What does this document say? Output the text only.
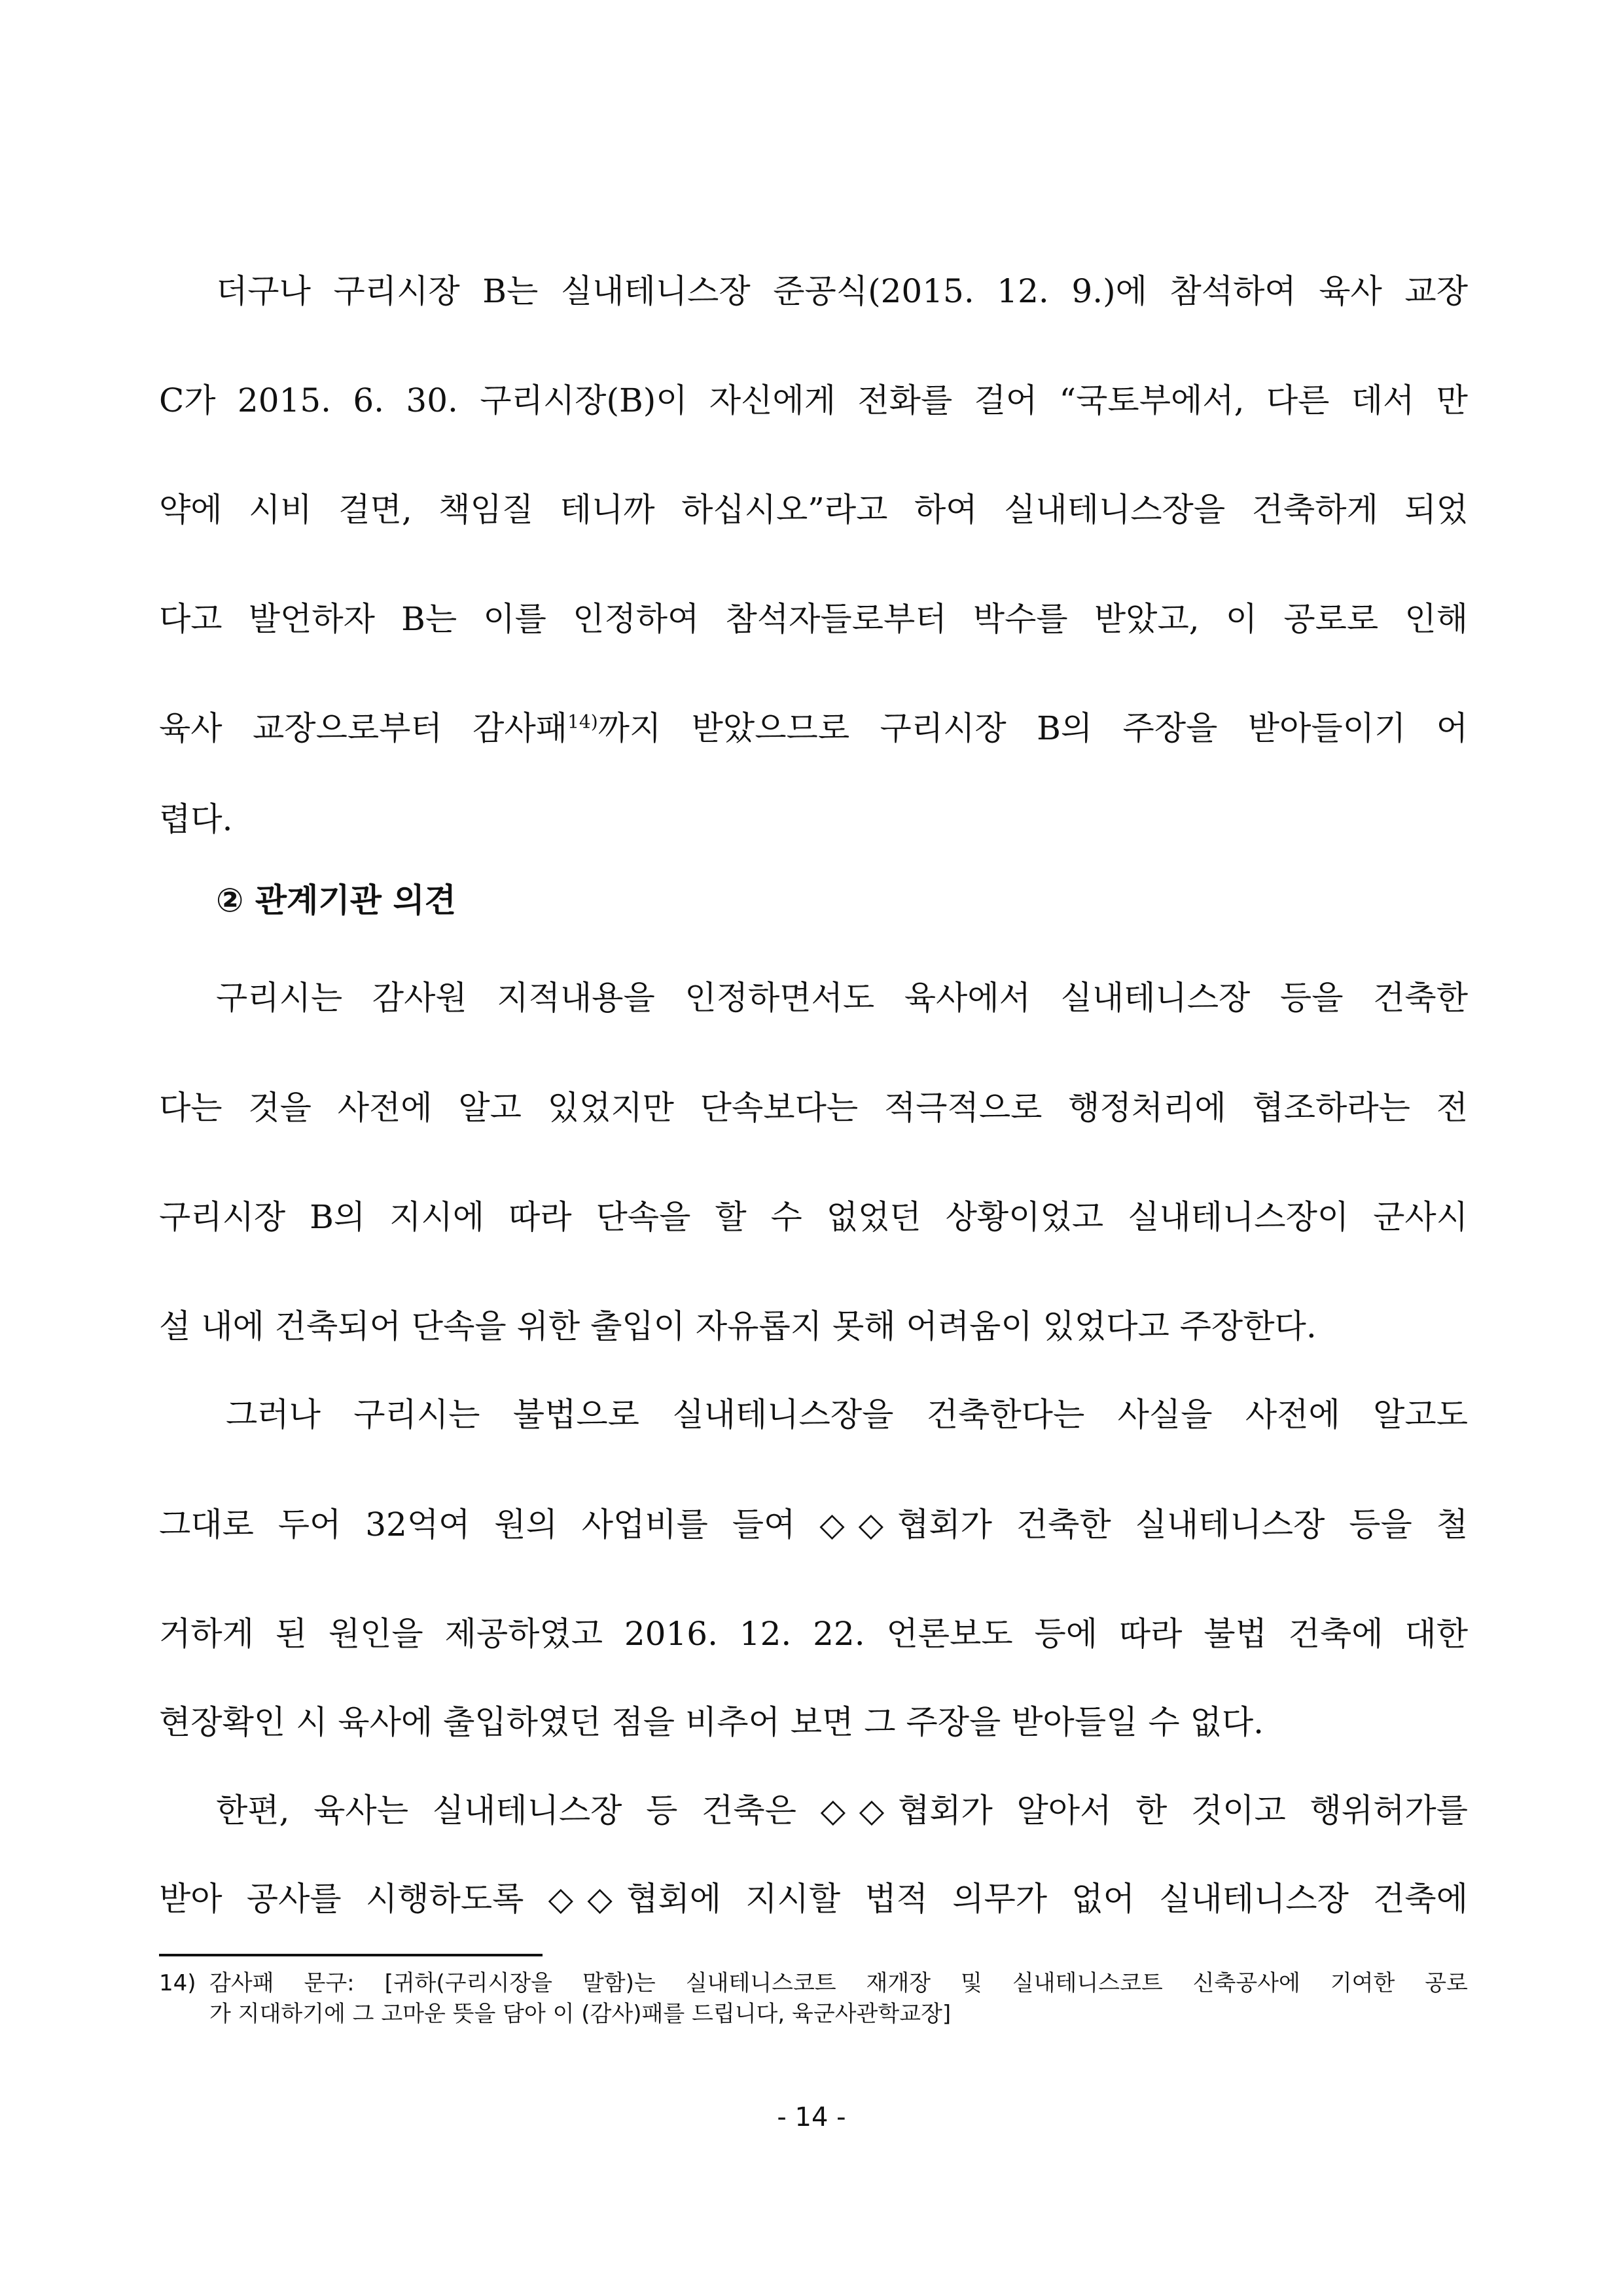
더구나 구리시장 B는 실내테니스장 준공식(2015. 12. 9.)에 참석하여 육사 교장
C가 2015. 6. 30. 구리시장(B)이 자신에게 전화를 걸어 “국토부에서, 다른 데서 만
약에 시비 걸면, 책임질 테니까 하십시오”라고 하여 실내테니스장을 건축하게 되었
다고 발언하자 B는 이를 인정하여 참석자들로부터 박수를 받았고, 이 공로로 인해
육사 교장으로부터 감사패$^{14)}$까지 받았으므로 구리시장 B의 주장을 받아들이기 어
렵다.
② 관계기관 의견
구리시는 감사원 지적내용을 인정하면서도 육사에서 실내테니스장 등을 건축한
다는 것을 사전에 알고 있었지만 단속보다는 적극적으로 행정처리에 협조하라는 전
구리시장 B의 지시에 따라 단속을 할 수 없었던 상황이었고 실내테니스장이 군사시
설 내에 건축되어 단속을 위한 출입이 자유롭지 못해 어려움이 있었다고 주장한다.
그러나 구리시는 불법으로 실내테니스장을 건축한다는 사실을 사전에 알고도
그대로 두어 32억여 원의 사업비를 들여 ◇◇협회가 건축한 실내테니스장 등을 철
거하게 된 원인을 제공하였고 2016. 12. 22. 언론보도 등에 따라 불법 건축에 대한
현장확인 시 육사에 출입하였던 점을 비추어 보면 그 주장을 받아들일 수 없다.
한편, 육사는 실내테니스장 등 건축은 ◇◇협회가 알아서 한 것이고 행위허가를
받아 공사를 시행하도록 ◇◇협회에 지시할 법적 의무가 없어 실내테니스장 건축에
14) 감사패 문구: [귀하(구리시장을 말함)는 실내테니스코트 재개장 및 실내테니스코트 신축공사에 기여한 공로
가 지대하기에 그 고마운 뜻을 담아 이 (감사)패를 드립니다, 육군사관학교장]
- 14 -
